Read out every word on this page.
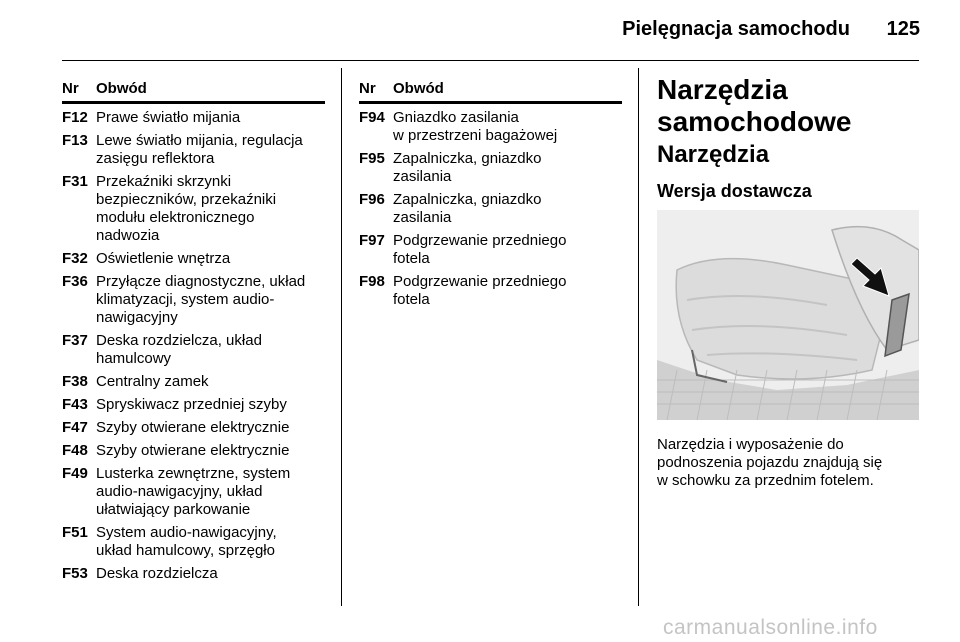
Pielęgnacja samochodu	125
Nr	Obwód
F12 Prawe światło mijania
F13 Lewe światło mijania, regulacja
zasięgu reflektora
F31 Przekaźniki skrzynki
bezpieczników, przekaźniki
modułu elektronicznego
nadwozia
F32 Oświetlenie wnętrza
F36 Przyłącze diagnostyczne, układ
klimatyzacji, system audio-
nawigacyjny
F37 Deska rozdzielcza, układ
hamulcowy
F38 Centralny zamek
F43 Spryskiwacz przedniej szyby
F47 Szyby otwierane elektrycznie
F48 Szyby otwierane elektrycznie
F49 Lusterka zewnętrzne, system
audio-nawigacyjny, układ
ułatwiający parkowanie
F51 System audio-nawigacyjny,
układ hamulcowy, sprzęgło
F53 Deska rozdzielcza
Nr	Obwód
F94 Gniazdko zasilania
w przestrzeni bagażowej
F95 Zapalniczka, gniazdko
zasilania
F96 Zapalniczka, gniazdko
zasilania
F97 Podgrzewanie przedniego
fotela
F98 Podgrzewanie przedniego
fotela
Narzędzia
samochodowe
Narzędzia
Wersja dostawcza
Narzędzia i wyposażenie do
podnoszenia pojazdu znajdują się
w schowku za przednim fotelem.
carmanualsonline.info
